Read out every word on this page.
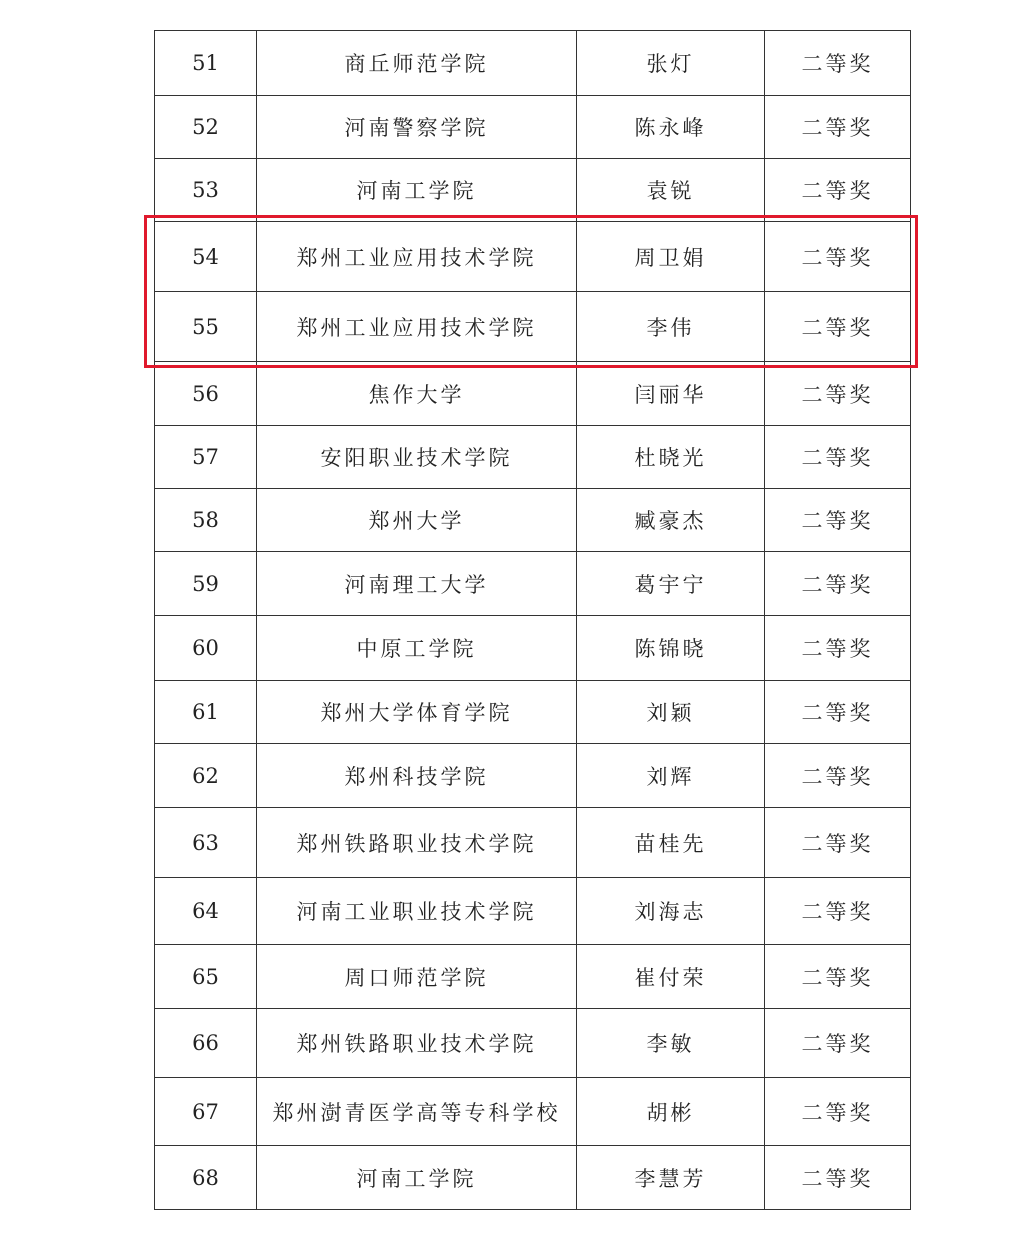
51	商丘师范学院	张灯	二等奖
52	河南警察学院	陈永峰	二等奖
53	河南工学院	袁锐	二等奖
54	郑州工业应用技术学院	周卫娟	二等奖
55	郑州工业应用技术学院	李伟	二等奖
56	焦作大学	闫丽华	二等奖
57	安阳职业技术学院	杜晓光	二等奖
58	郑州大学	臧豪杰	二等奖
59	河南理工大学	葛宇宁	二等奖
60	中原工学院	陈锦晓	二等奖
61	郑州大学体育学院	刘颖	二等奖
62	郑州科技学院	刘辉	二等奖
63	郑州铁路职业技术学院	苗桂先	二等奖
64	河南工业职业技术学院	刘海志	二等奖
65	周口师范学院	崔付荣	二等奖
66	郑州铁路职业技术学院	李敏	二等奖
67	郑州澍青医学高等专科学校	胡彬	二等奖
68	河南工学院	李慧芳	二等奖
